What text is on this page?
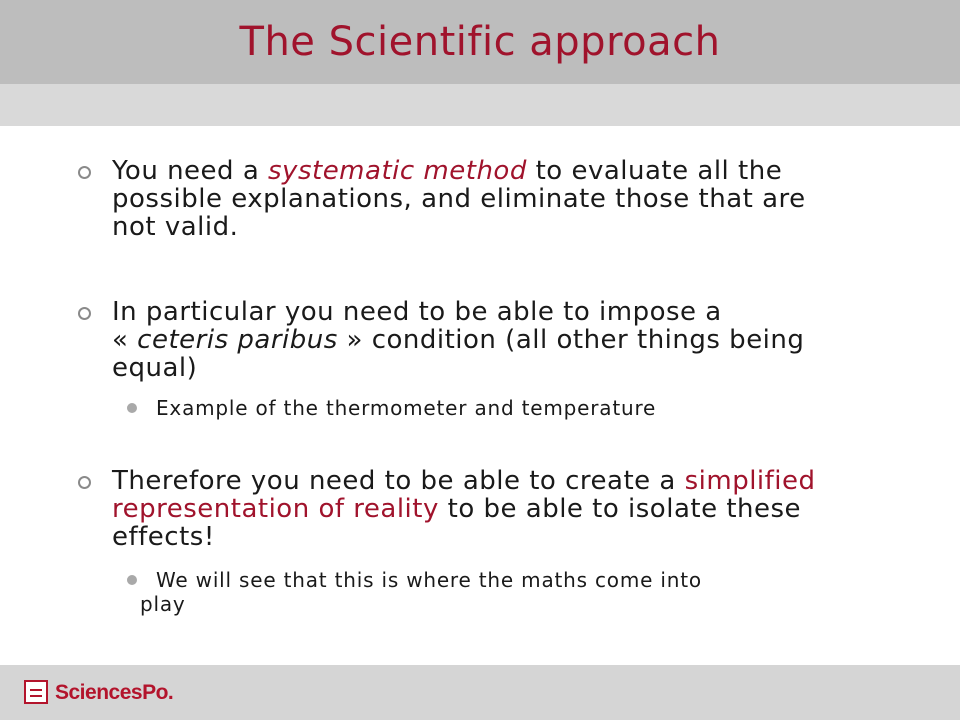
The Scientific approach
You need a systematic method to evaluate all the
possible explanations, and eliminate those that are
not valid.
In particular you need to be able to impose a
« ceteris paribus » condition (all other things being
equal)
Example of the thermometer and temperature
Therefore you need to be able to create a simplified
representation of reality to be able to isolate these
effects!
We will see that this is where the maths come into
play
SciencesPo.
